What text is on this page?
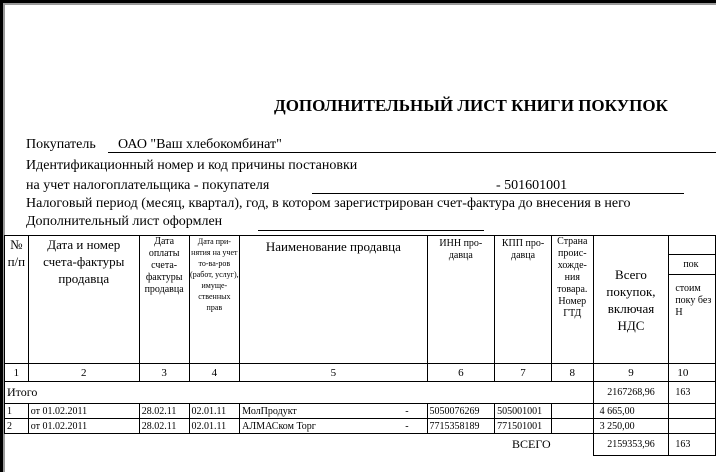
ДОПОЛНИТЕЛЬНЫЙ ЛИСТ КНИГИ ПОКУПОК
Покупатель ОАО "Ваш хлебокомбинат"
Идентификационный номер и код причины постановки
на учет налогоплательщика - покупателя	- 501601001
Налоговый период (месяц, квартал), год, в котором зарегистрирован счет-фактура до внесения в него
Дополнительный лист оформлен
№ п/п	Дата и номер счета-фактуры продавца	Дата оплаты счета-фактуры продавца	Дата при-нятия на учет то-ва-ров (работ, услуг), имуще-ственных прав	Наименование продавца	ИНН про-давца	КПП про-давца	Страна проис-хожде-ния товара. Номер ГТД	Всего покупок, включая НДС	
									пок
									стоим поку без Н
1	2	3	4	5	6	7	8	9	10
Итого								2167268,96	163
1	от 01.02.2011	28.02.11	02.01.11	МолПродукт -	5050076269	505001001		4 665,00	
2	от 01.02.2011	28.02.11	02.01.11	АЛМАСком Торг -	7715358189	771501001		3 250,00	
ВСЕГО								2159353,96	163
